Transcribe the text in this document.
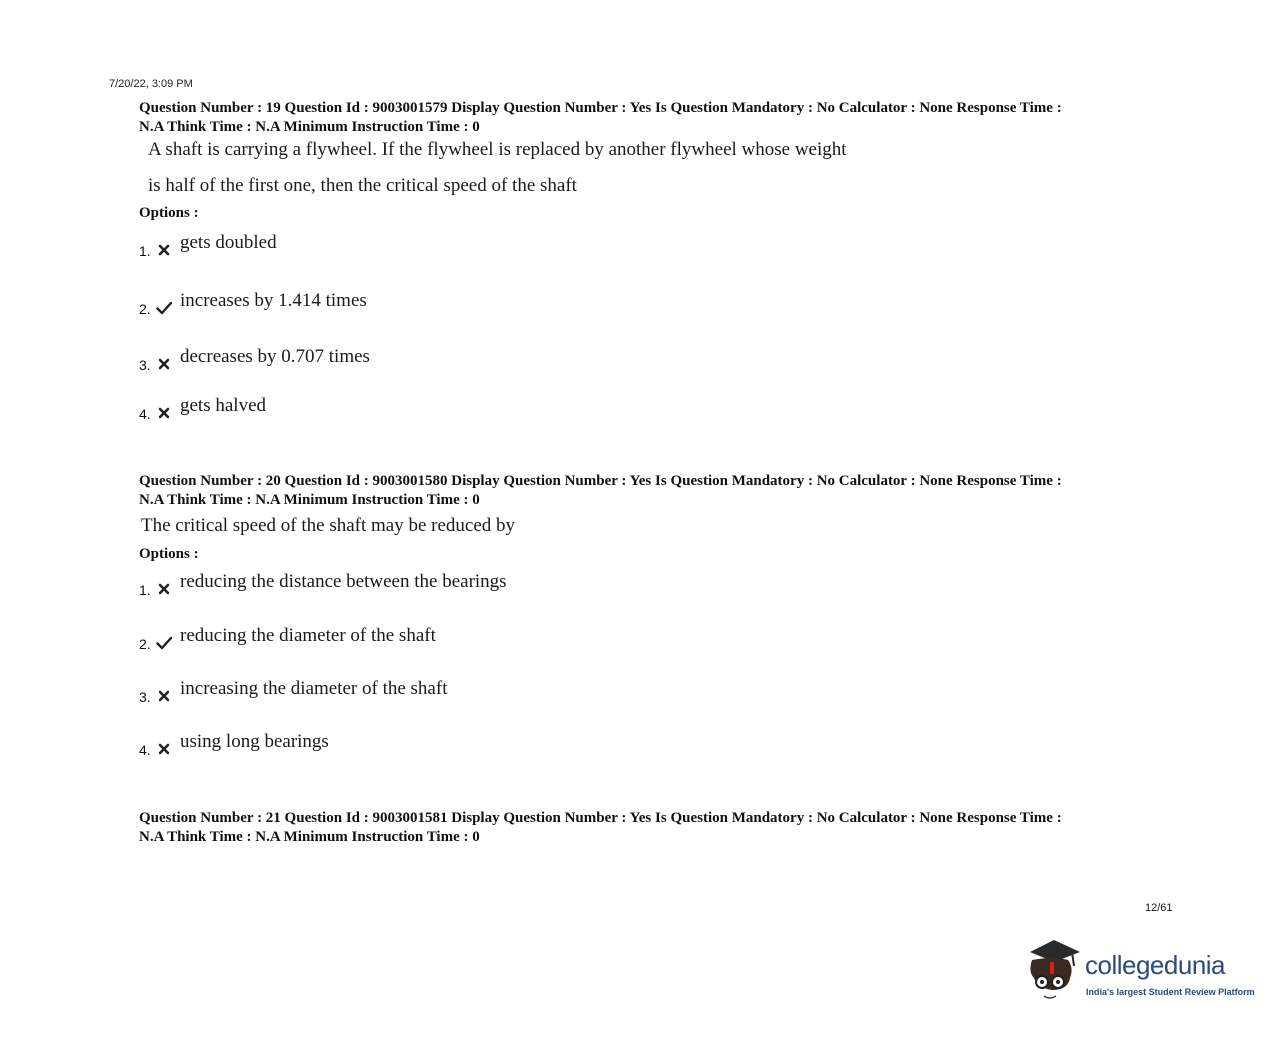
7/20/22, 3:09 PM

Question Number : 19 Question Id : 9003001579 Display Question Number : Yes Is Question Mandatory : No Calculator : None Response Time :

N.A Think Time : N.A Minimum Instruction Time : 0

A shaft is carrying a flywheel. If the flywheel is replaced by another flywheel whose weight

is half of the first one, then the critical speed of the shaft

Options :
1. gets doubled
2. increases by 1.414 times
3. decreases by 0.707 times
4. gets halved

Question Number : 20 Question Id : 9003001580 Display Question Number : Yes Is Question Mandatory : No Calculator : None Response Time :

N.A Think Time : N.A Minimum Instruction Time : 0

The critical speed of the shaft may be reduced by

Options :
1. reducing the distance between the bearings
2. reducing the diameter of the shaft
3. increasing the diameter of the shaft
4. using long bearings

Question Number : 21 Question Id : 9003001581 Display Question Number : Yes Is Question Mandatory : No Calculator : None Response Time :

N.A Think Time : N.A Minimum Instruction Time : 0

12/61
collegedunia
India's largest Student Review Platform
